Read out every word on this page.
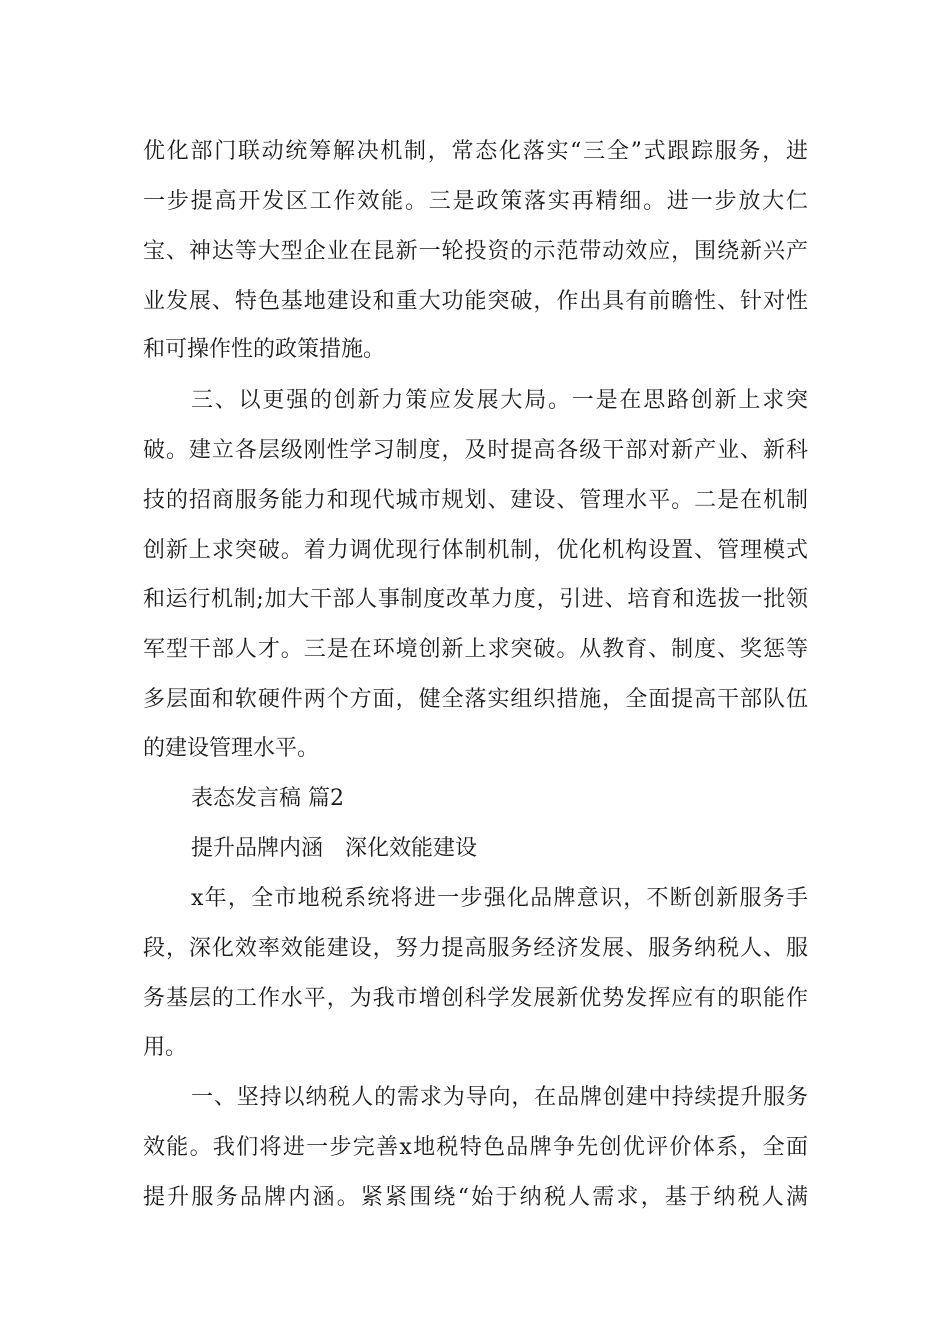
优化部门联动统筹解决机制，常态化落实“三全”式跟踪服务，进
一步提高开发区工作效能。三是政策落实再精细。进一步放大仁
宝、神达等大型企业在昆新一轮投资的示范带动效应，围绕新兴产
业发展、特色基地建设和重大功能突破，作出具有前瞻性、针对性
和可操作性的政策措施。
三、以更强的创新力策应发展大局。一是在思路创新上求突
破。建立各层级刚性学习制度，及时提高各级干部对新产业、新科
技的招商服务能力和现代城市规划、建设、管理水平。二是在机制
创新上求突破。着力调优现行体制机制，优化机构设置、管理模式
和运行机制;加大干部人事制度改革力度，引进、培育和选拔一批领
军型干部人才。三是在环境创新上求突破。从教育、制度、奖惩等
多层面和软硬件两个方面，健全落实组织措施，全面提高干部队伍
的建设管理水平。
表态发言稿 篇2
提升品牌内涵　深化效能建设
x年，全市地税系统将进一步强化品牌意识，不断创新服务手
段，深化效率效能建设，努力提高服务经济发展、服务纳税人、服
务基层的工作水平，为我市增创科学发展新优势发挥应有的职能作
用。
一、坚持以纳税人的需求为导向，在品牌创建中持续提升服务
效能。我们将进一步完善x地税特色品牌争先创优评价体系，全面
提升服务品牌内涵。紧紧围绕“始于纳税人需求，基于纳税人满
